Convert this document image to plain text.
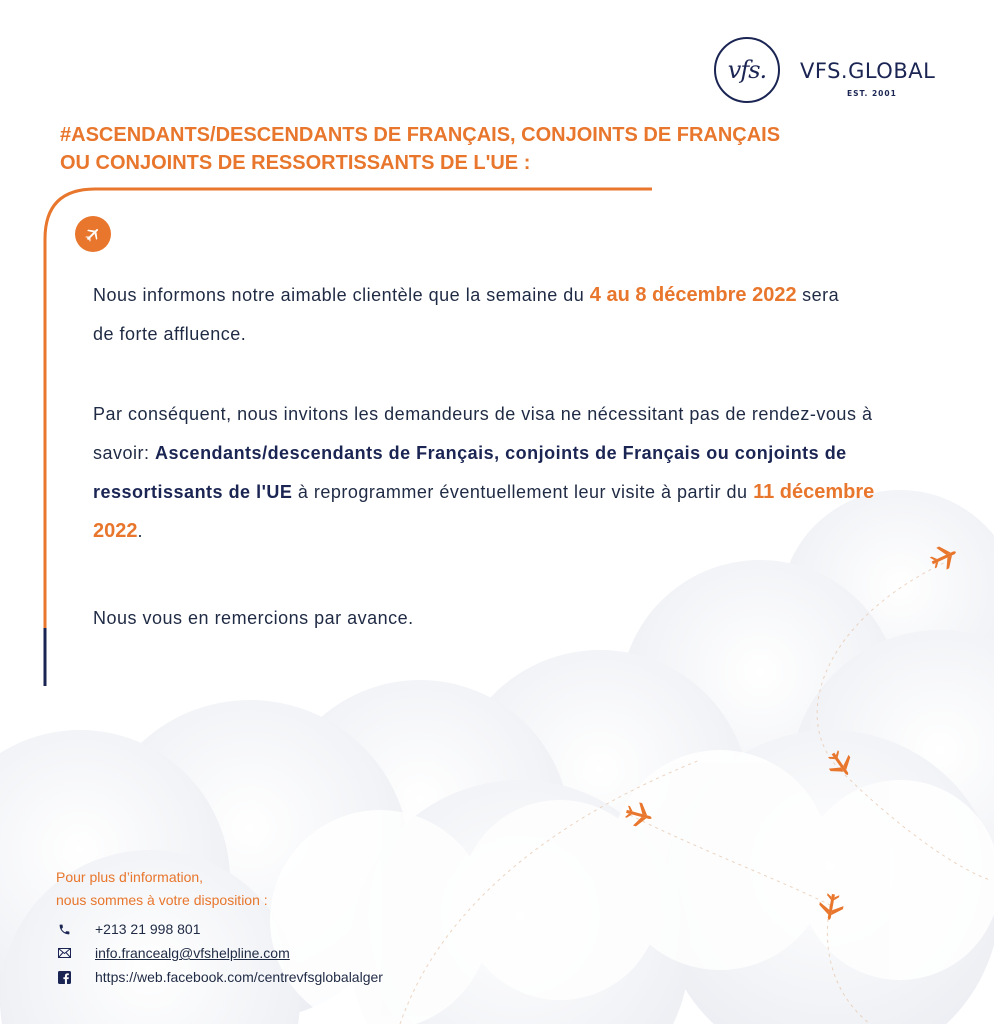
vfs.	VFS.GLOBAL
EST. 2001
#ASCENDANTS/DESCENDANTS DE FRANÇAIS, CONJOINTS DE FRANÇAIS
OU CONJOINTS DE RESSORTISSANTS DE L'UE :

Nous informons notre aimable clientèle que la semaine du 4 au 8 décembre 2022 sera de forte affluence.

Par conséquent, nous invitons les demandeurs de visa ne nécessitant pas de rendez-vous à savoir: Ascendants/descendants de Français, conjoints de Français ou conjoints de ressortissants de l'UE à reprogrammer éventuellement leur visite à partir du 11 décembre 2022.

Nous vous en remercions par avance.

Pour plus d’information,
nous sommes à votre disposition :
+213 21 998 801
info.francealg@vfshelpline.com
https://web.facebook.com/centrevfsglobalalger
